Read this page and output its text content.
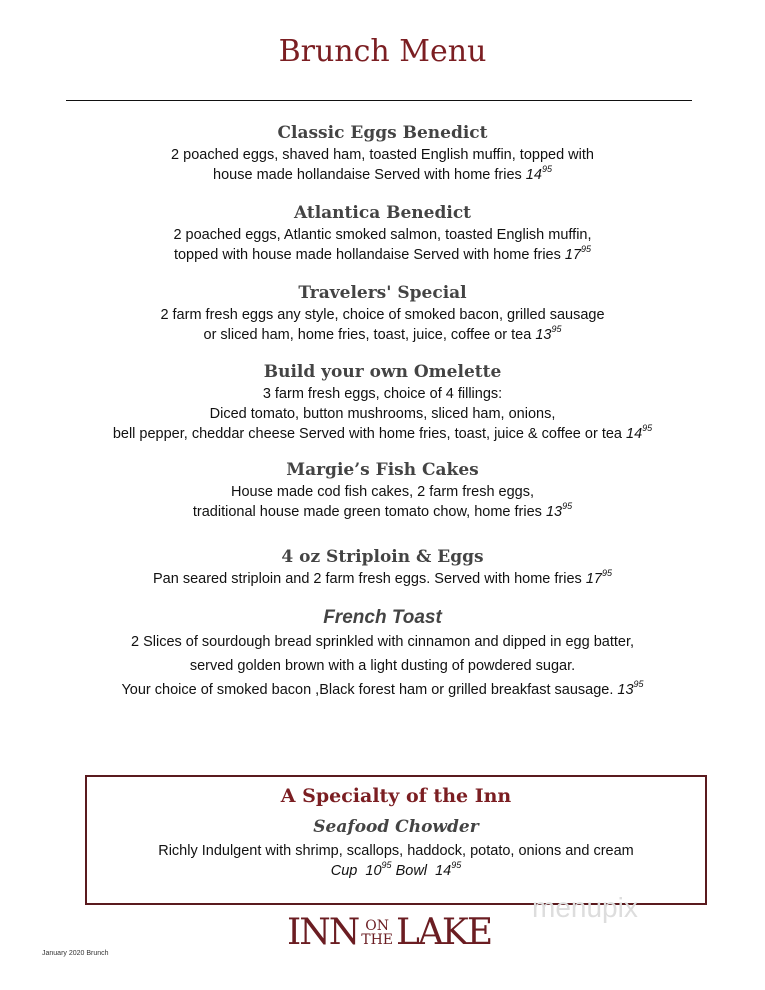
Brunch Menu
Classic Eggs Benedict
2 poached eggs, shaved ham, toasted English muffin, topped with
house made hollandaise Served with home fries $14^{95}$
Atlantica Benedict
2 poached eggs, Atlantic smoked salmon, toasted English muffin,
topped with house made hollandaise Served with home fries $17^{95}$
Travelers' Special
2 farm fresh eggs any style, choice of smoked bacon, grilled sausage
or sliced ham, home fries, toast, juice, coffee or tea $13^{95}$
Build your own Omelette
3 farm fresh eggs, choice of 4 fillings:
Diced tomato, button mushrooms, sliced ham, onions,
bell pepper, cheddar cheese Served with home fries, toast, juice & coffee or tea $14^{95}$
Margie’s Fish Cakes
House made cod fish cakes, 2 farm fresh eggs,
traditional house made green tomato chow, home fries $13^{95}$
4 oz Striploin & Eggs
Pan seared striploin and 2 farm fresh eggs. Served with home fries $17^{95}$
French Toast
2 Slices of sourdough bread sprinkled with cinnamon and dipped in egg batter,
served golden brown with a light dusting of powdered sugar.
Your choice of smoked bacon ,Black forest ham or grilled breakfast sausage. $13^{95}$
A Specialty of the Inn
Seafood Chowder
Richly Indulgent with shrimp, scallops, haddock, potato, onions and cream
Cup $10^{95}$ Bowl $14^{95}$
menupix
INN ON
THE LAKE
January 2020 Brunch
